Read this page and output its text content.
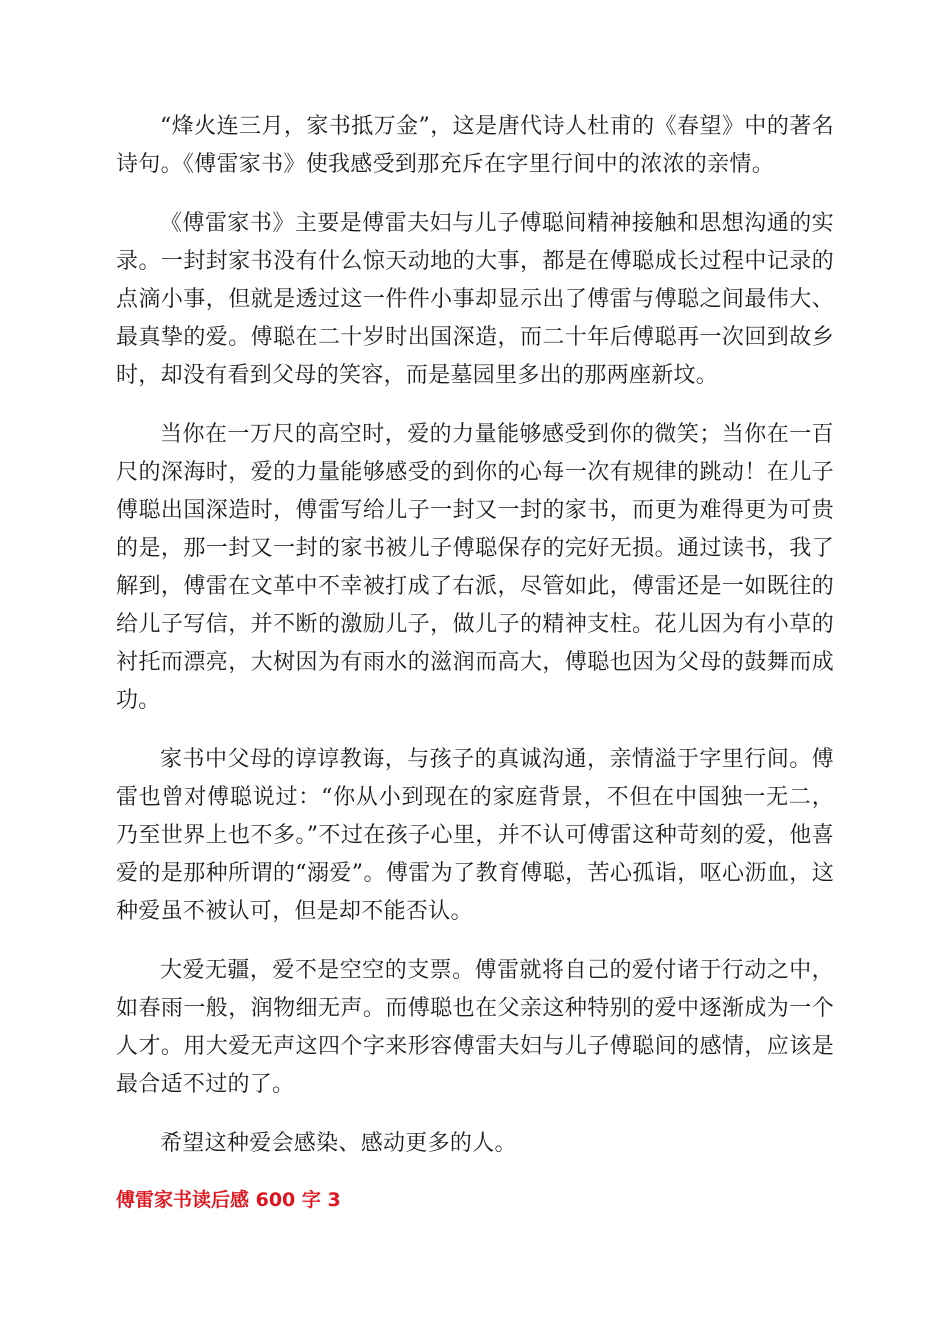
“烽火连三月，家书抵万金”，这是唐代诗人杜甫的《春望》中的著名诗句。《傅雷家书》使我感受到那充斥在字里行间中的浓浓的亲情。

《傅雷家书》主要是傅雷夫妇与儿子傅聪间精神接触和思想沟通的实录。一封封家书没有什么惊天动地的大事，都是在傅聪成长过程中记录的点滴小事，但就是透过这一件件小事却显示出了傅雷与傅聪之间最伟大、最真挚的爱。傅聪在二十岁时出国深造，而二十年后傅聪再一次回到故乡时，却没有看到父母的笑容，而是墓园里多出的那两座新坟。

当你在一万尺的高空时，爱的力量能够感受到你的微笑；当你在一百尺的深海时，爱的力量能够感受的到你的心每一次有规律的跳动！在儿子傅聪出国深造时，傅雷写给儿子一封又一封的家书，而更为难得更为可贵的是，那一封又一封的家书被儿子傅聪保存的完好无损。通过读书，我了解到，傅雷在文革中不幸被打成了右派，尽管如此，傅雷还是一如既往的给儿子写信，并不断的激励儿子，做儿子的精神支柱。花儿因为有小草的衬托而漂亮，大树因为有雨水的滋润而高大，傅聪也因为父母的鼓舞而成功。

家书中父母的谆谆教诲，与孩子的真诚沟通，亲情溢于字里行间。傅雷也曾对傅聪说过：“你从小到现在的家庭背景，不但在中国独一无二，乃至世界上也不多。”不过在孩子心里，并不认可傅雷这种苛刻的爱，他喜爱的是那种所谓的“溺爱”。傅雷为了教育傅聪，苦心孤诣，呕心沥血，这种爱虽不被认可，但是却不能否认。

大爱无疆，爱不是空空的支票。傅雷就将自己的爱付诸于行动之中，如春雨一般，润物细无声。而傅聪也在父亲这种特别的爱中逐渐成为一个人才。用大爱无声这四个字来形容傅雷夫妇与儿子傅聪间的感情，应该是最合适不过的了。

希望这种爱会感染、感动更多的人。

傅雷家书读后感 600 字 3
